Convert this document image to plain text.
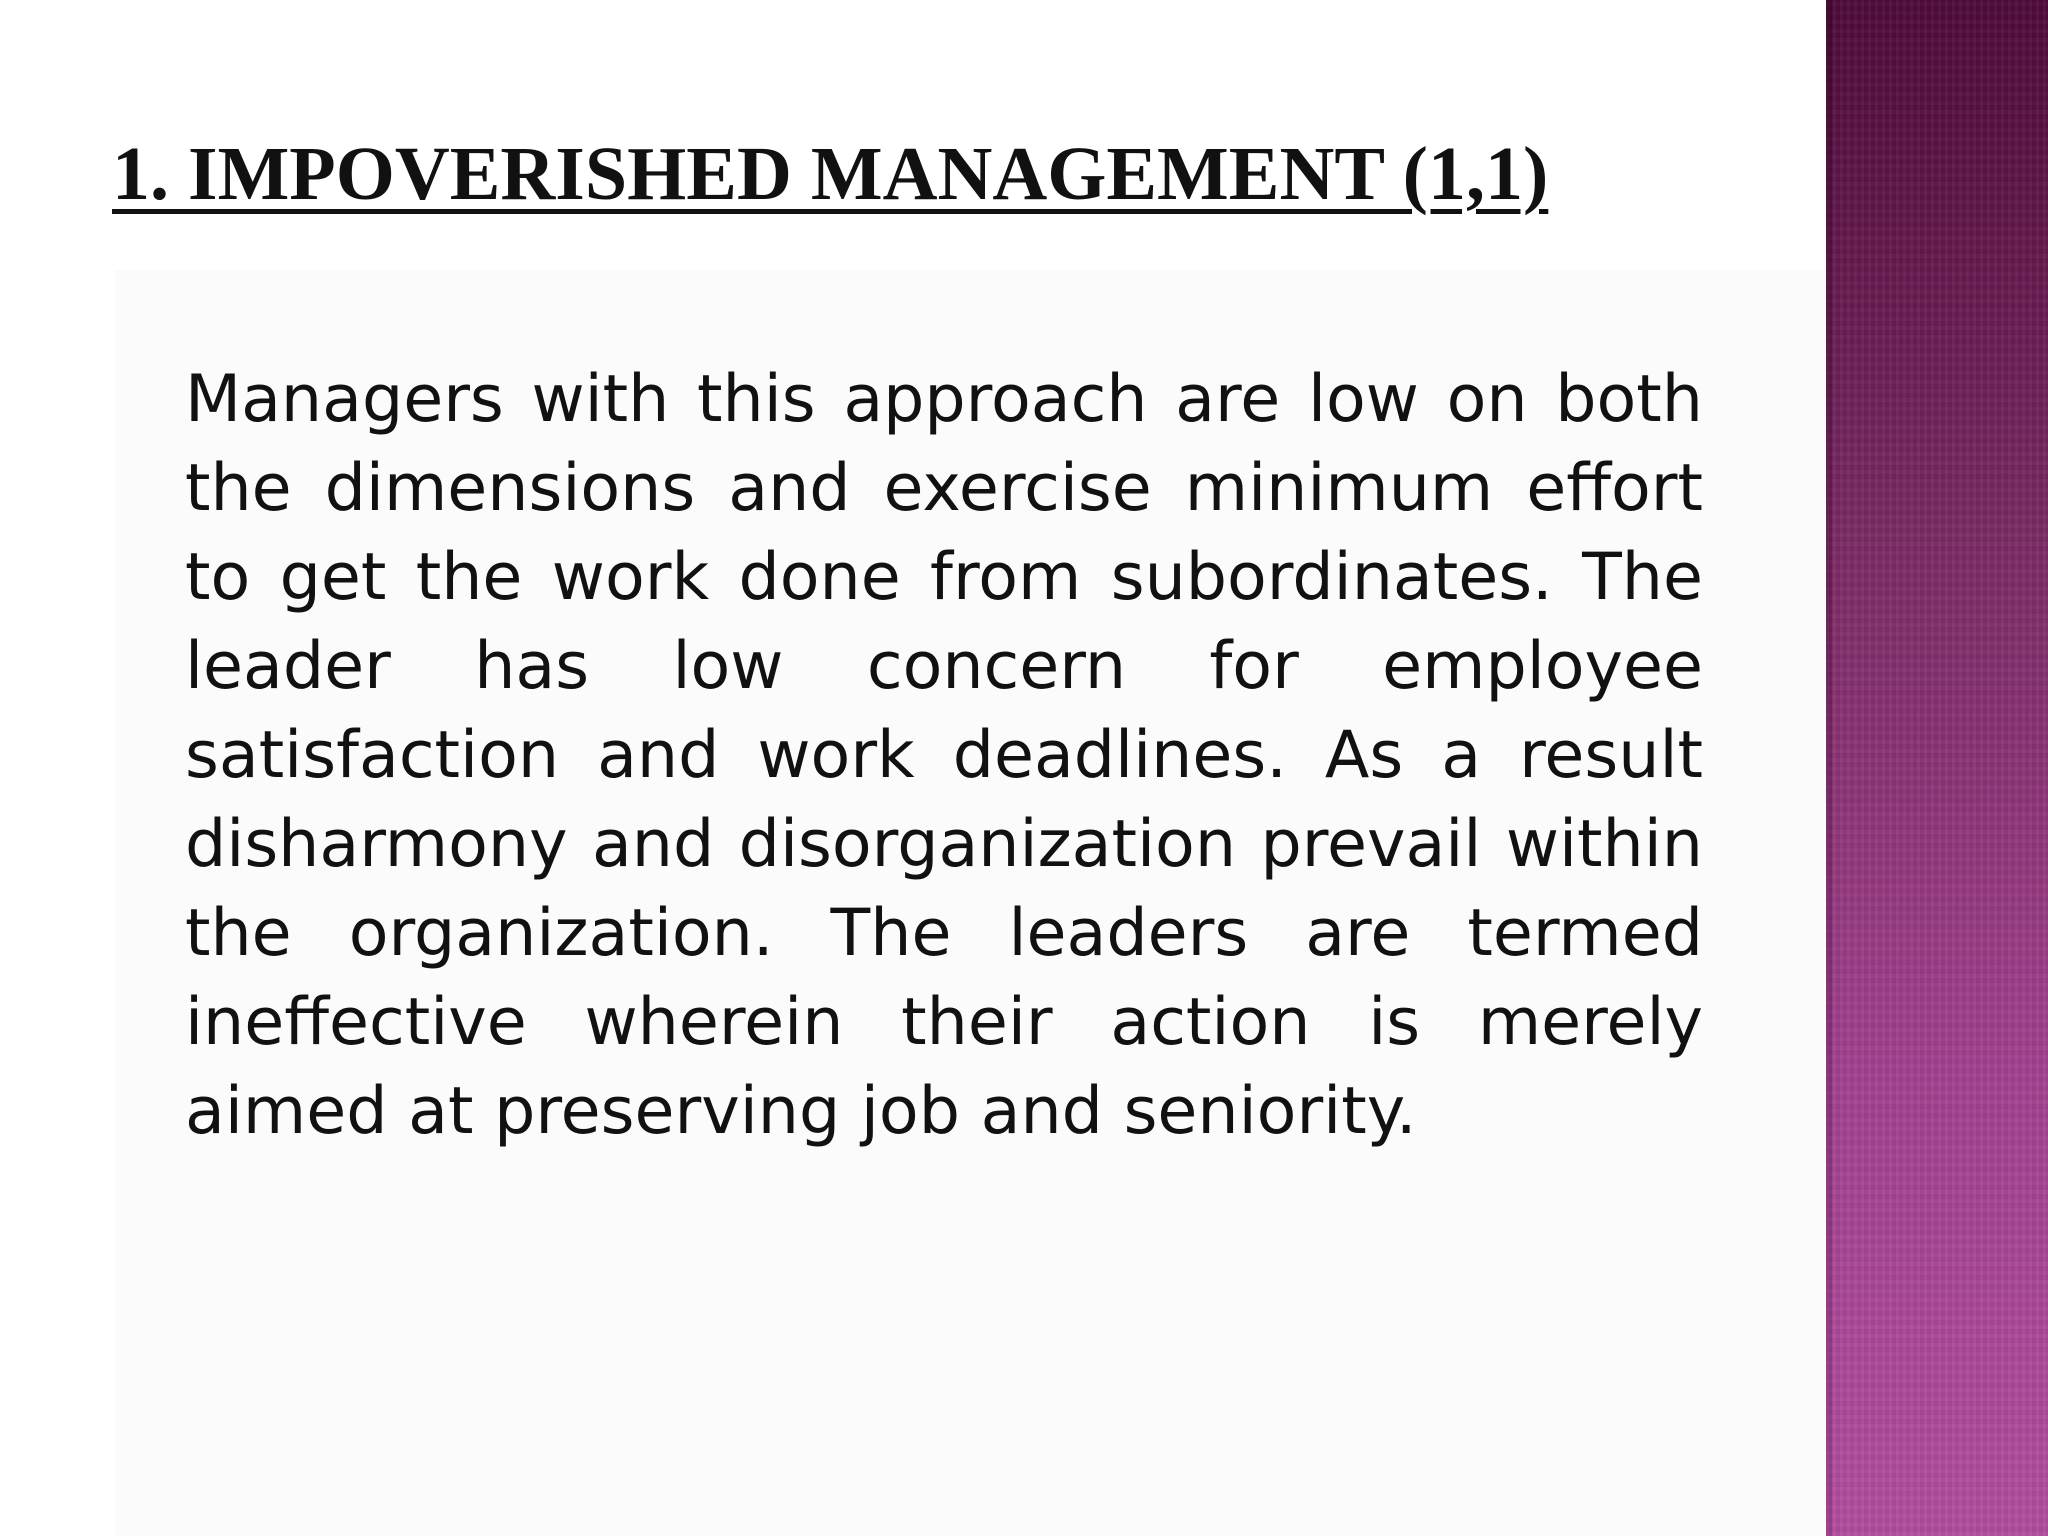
1. IMPOVERISHED MANAGEMENT (1,1)

Managers with this approach are low on both the dimensions and exercise minimum effort to get the work done from subordinates. The leader has low concern for employee satisfaction and work deadlines. As a result disharmony and disorganization prevail within the organization. The leaders are termed ineffective wherein their action is merely aimed at preserving job and seniority.
